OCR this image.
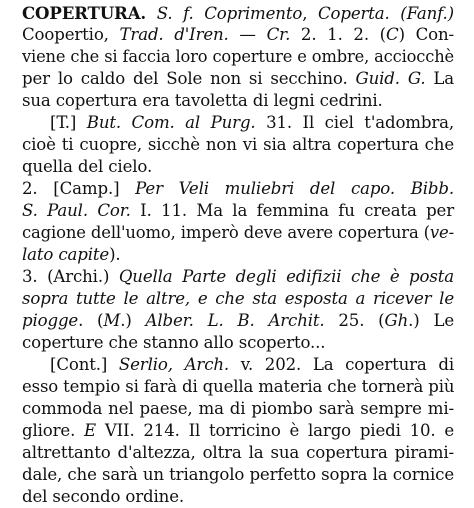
COPERTURA. S. f. Coprimento, Coperta. (Fanf.)
Coopertio, Trad. d'Iren. — Cr. 2. 1. 2. (C) Con-
viene che si faccia loro coperture e ombre, acciocchè
per lo caldo del Sole non si secchino. Guid. G. La
sua copertura era tavoletta di legni cedrini.
[T.] But. Com. al Purg. 31. Il ciel t'adombra,
cioè ti cuopre, sicchè non vi sia altra copertura che
quella del cielo.
2. [Camp.] Per Veli muliebri del capo. Bibb.
S. Paul. Cor. I. 11. Ma la femmina fu creata per
cagione dell'uomo, imperò deve avere copertura (ve-
lato capite).
3. (Archi.) Quella Parte degli edifizii che è posta
sopra tutte le altre, e che sta esposta a ricever le
piogge. (M.) Alber. L. B. Archit. 25. (Gh.) Le
coperture che stanno allo scoperto...
[Cont.] Serlio, Arch. v. 202. La copertura di
esso tempio si farà di quella materia che tornerà più
commoda nel paese, ma di piombo sarà sempre mi-
gliore. E VII. 214. Il torricino è largo piedi 10. e
altrettanto d'altezza, oltra la sua copertura pirami-
dale, che sarà un triangolo perfetto sopra la cornice
del secondo ordine.
